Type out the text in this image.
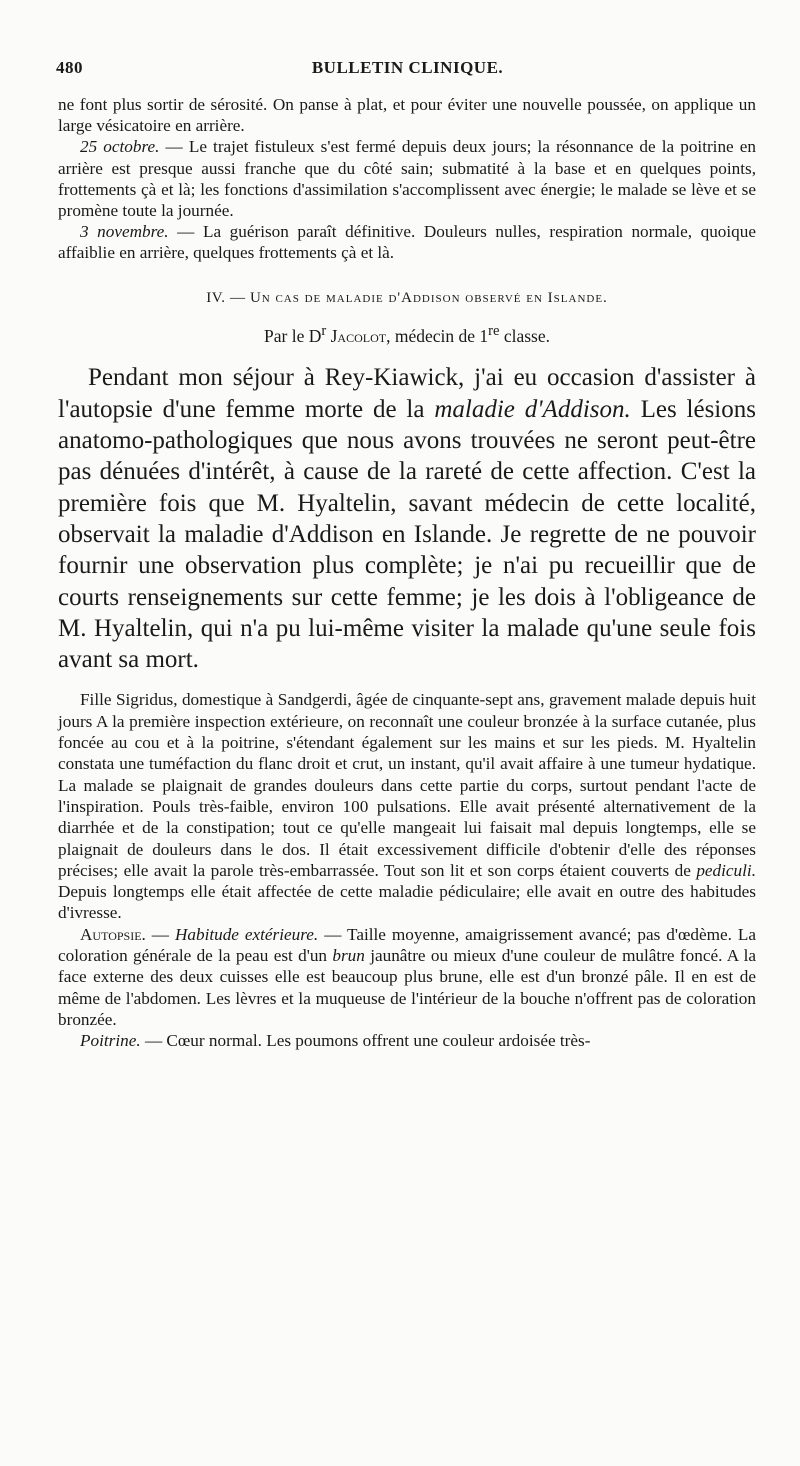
480	BULLETIN CLINIQUE.

ne font plus sortir de sérosité. On panse à plat, et pour éviter une nouvelle poussée, on applique un large vésicatoire en arrière.

25 octobre. — Le trajet fistuleux s'est fermé depuis deux jours; la résonnance de la poitrine en arrière est presque aussi franche que du côté sain; submatité à la base et en quelques points, frottements çà et là; les fonctions d'assimilation s'accomplissent avec énergie; le malade se lève et se promène toute la journée.

3 novembre. — La guérison paraît définitive. Douleurs nulles, respiration normale, quoique affaiblie en arrière, quelques frottements çà et là.

IV. — Un cas de maladie d'Addison observé en Islande.
Par le $D^r$ Jacolot, médecin de 1re classe.

Pendant mon séjour à Rey-Kiawick, j'ai eu occasion d'assister à l'autopsie d'une femme morte de la maladie d'Addison. Les lésions anatomo-pathologiques que nous avons trouvées ne seront peut-être pas dénuées d'intérêt, à cause de la rareté de cette affection. C'est la première fois que M. Hyaltelin, savant médecin de cette localité, observait la maladie d'Addison en Islande. Je regrette de ne pouvoir fournir une observation plus complète; je n'ai pu recueillir que de courts renseignements sur cette femme; je les dois à l'obligeance de M. Hyaltelin, qui n'a pu lui-même visiter la malade qu'une seule fois avant sa mort.

Fille Sigridus, domestique à Sandgerdi, âgée de cinquante-sept ans, gravement malade depuis huit jours A la première inspection extérieure, on reconnaît une couleur bronzée à la surface cutanée, plus foncée au cou et à la poitrine, s'étendant également sur les mains et sur les pieds. M. Hyaltelin constata une tuméfaction du flanc droit et crut, un instant, qu'il avait affaire à une tumeur hydatique. La malade se plaignait de grandes douleurs dans cette partie du corps, surtout pendant l'acte de l'inspiration. Pouls très-faible, environ 100 pulsations. Elle avait présenté alternativement de la diarrhée et de la constipation; tout ce qu'elle mangeait lui faisait mal depuis longtemps, elle se plaignait de douleurs dans le dos. Il était excessivement difficile d'obtenir d'elle des réponses précises; elle avait la parole très-embarrassée. Tout son lit et son corps étaient couverts de pediculi. Depuis longtemps elle était affectée de cette maladie pédiculaire; elle avait en outre des habitudes d'ivresse.

Autopsie. — Habitude extérieure. — Taille moyenne, amaigrissement avancé; pas d'œdème. La coloration générale de la peau est d'un brun jaunâtre ou mieux d'une couleur de mulâtre foncé. A la face externe des deux cuisses elle est beaucoup plus brune, elle est d'un bronzé pâle. Il en est de même de l'abdomen. Les lèvres et la muqueuse de l'intérieur de la bouche n'offrent pas de coloration bronzée.

Poitrine. — Cœur normal. Les poumons offrent une couleur ardoisée très-
